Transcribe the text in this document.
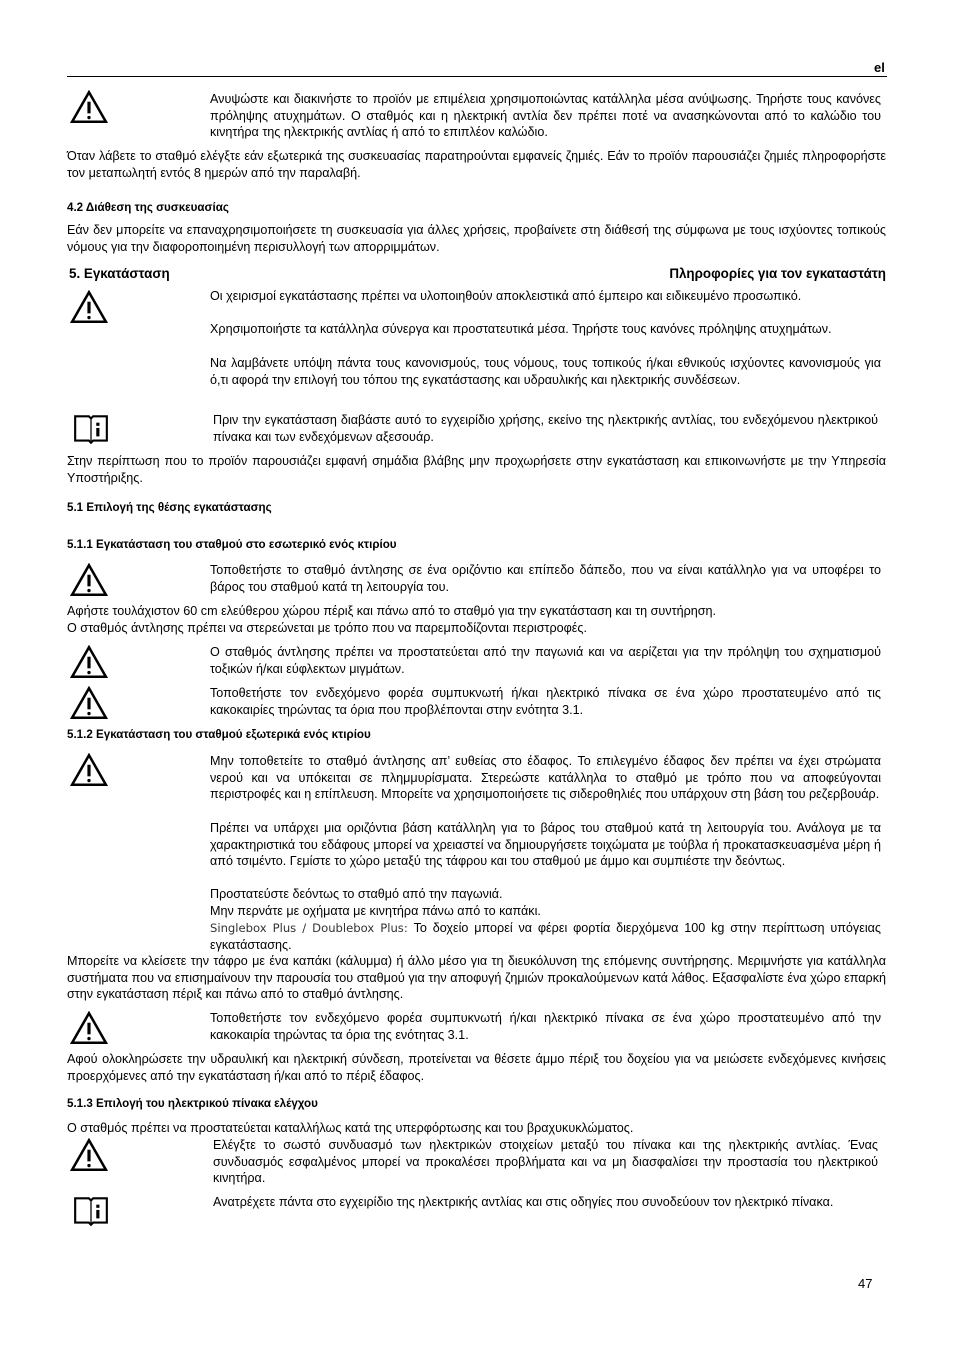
el
Ανυψώστε και διακινήστε το προϊόν με επιμέλεια χρησιμοποιώντας κατάλληλα μέσα ανύψωσης. Τηρήστε τους κανόνες πρόληψης ατυχημάτων. Ο σταθμός και η ηλεκτρική αντλία δεν πρέπει ποτέ να ανασηκώνονται από το καλώδιο του κινητήρα της ηλεκτρικής αντλίας ή από το επιπλέον καλώδιο.
Όταν λάβετε το σταθμό ελέγξτε εάν εξωτερικά της συσκευασίας παρατηρούνται εμφανείς ζημιές. Εάν το προϊόν παρουσιάζει ζημιές πληροφορήστε τον μεταπωλητή εντός 8 ημερών από την παραλαβή.
4.2 Διάθεση της συσκευασίας
Εάν δεν μπορείτε να επαναχρησιμοποιήσετε τη συσκευασία για άλλες χρήσεις, προβαίνετε στη διάθεσή της σύμφωνα με τους ισχύοντες τοπικούς νόμους για την διαφοροποιημένη περισυλλογή των απορριμμάτων.
5. Εγκατάσταση	Πληροφορίες για τον εγκαταστάτη
Οι χειρισμοί εγκατάστασης πρέπει να υλοποιηθούν αποκλειστικά από έμπειρο και ειδικευμένο προσωπικό.
Χρησιμοποιήστε τα κατάλληλα σύνεργα και προστατευτικά μέσα. Τηρήστε τους κανόνες πρόληψης ατυχημάτων.
Να λαμβάνετε υπόψη πάντα τους κανονισμούς, τους νόμους, τους τοπικούς ή/και εθνικούς ισχύοντες κανονισμούς για ό,τι αφορά την επιλογή του τόπου της εγκατάστασης και υδραυλικής και ηλεκτρικής συνδέσεων.
Πριν την εγκατάσταση διαβάστε αυτό το εγχειρίδιο χρήσης, εκείνο της ηλεκτρικής αντλίας, του ενδεχόμενου ηλεκτρικού πίνακα και των ενδεχόμενων αξεσουάρ.
Στην περίπτωση που το προϊόν παρουσιάζει εμφανή σημάδια βλάβης μην προχωρήσετε στην εγκατάσταση και επικοινωνήστε με την Υπηρεσία Υποστήριξης.
5.1 Επιλογή της θέσης εγκατάστασης
5.1.1 Εγκατάσταση του σταθμού στο εσωτερικό ενός κτιρίου
Τοποθετήστε το σταθμό άντλησης σε ένα οριζόντιο και επίπεδο δάπεδο, που να είναι κατάλληλο για να υποφέρει το βάρος του σταθμού κατά τη λειτουργία του.
Αφήστε τουλάχιστον 60 cm ελεύθερου χώρου πέριξ και πάνω από το σταθμό για την εγκατάσταση και τη συντήρηση.
Ο σταθμός άντλησης πρέπει να στερεώνεται με τρόπο που να παρεμποδίζονται περιστροφές.
Ο σταθμός άντλησης πρέπει να προστατεύεται από την παγωνιά και να αερίζεται για την πρόληψη του σχηματισμού τοξικών ή/και εύφλεκτων μιγμάτων.
Τοποθετήστε τον ενδεχόμενο φορέα συμπυκνωτή ή/και ηλεκτρικό πίνακα σε ένα χώρο προστατευμένο από τις κακοκαιρίες τηρώντας τα όρια που προβλέπονται στην ενότητα 3.1.
5.1.2 Εγκατάσταση του σταθμού εξωτερικά ενός κτιρίου
Μην τοποθετείτε το σταθμό άντλησης απ’ ευθείας στο έδαφος. Το επιλεγμένο έδαφος δεν πρέπει να έχει στρώματα νερού και να υπόκειται σε πλημμυρίσματα. Στερεώστε κατάλληλα το σταθμό με τρόπο που να αποφεύγονται περιστροφές και η επίπλευση. Μπορείτε να χρησιμοποιήσετε τις σιδεροθηλιές που υπάρχουν στη βάση του ρεζερβουάρ.
Πρέπει να υπάρχει μια οριζόντια βάση κατάλληλη για το βάρος του σταθμού κατά τη λειτουργία του. Ανάλογα με τα χαρακτηριστικά του εδάφους μπορεί να χρειαστεί να δημιουργήσετε τοιχώματα με τούβλα ή προκατασκευασμένα μέρη ή από τσιμέντο. Γεμίστε το χώρο μεταξύ της τάφρου και του σταθμού με άμμο και συμπιέστε την δεόντως.
Προστατεύστε δεόντως το σταθμό από την παγωνιά.
Μην περνάτε με οχήματα με κινητήρα πάνω από το καπάκι.
Singlebox Plus / Doublebox Plus: Το δοχείο μπορεί να φέρει φορτία διερχόμενα 100 kg στην περίπτωση υπόγειας εγκατάστασης.
Μπορείτε να κλείσετε την τάφρο με ένα καπάκι (κάλυμμα) ή άλλο μέσο για τη διευκόλυνση της επόμενης συντήρησης. Μεριμνήστε για κατάλληλα συστήματα που να επισημαίνουν την παρουσία του σταθμού για την αποφυγή ζημιών προκαλούμενων κατά λάθος. Εξασφαλίστε ένα χώρο επαρκή στην εγκατάσταση πέριξ και πάνω από το σταθμό άντλησης.
Τοποθετήστε τον ενδεχόμενο φορέα συμπυκνωτή ή/και ηλεκτρικό πίνακα σε ένα χώρο προστατευμένο από την κακοκαιρία τηρώντας τα όρια της ενότητας 3.1.
Αφού ολοκληρώσετε την υδραυλική και ηλεκτρική σύνδεση, προτείνεται να θέσετε άμμο πέριξ του δοχείου για να μειώσετε ενδεχόμενες κινήσεις προερχόμενες από την εγκατάσταση ή/και από το πέριξ έδαφος.
5.1.3 Επιλογή του ηλεκτρικού πίνακα ελέγχου
Ο σταθμός πρέπει να προστατεύεται καταλλήλως κατά της υπερφόρτωσης και του βραχυκυκλώματος.
Ελέγξτε το σωστό συνδυασμό των ηλεκτρικών στοιχείων μεταξύ του πίνακα και της ηλεκτρικής αντλίας. Ένας συνδυασμός εσφαλμένος μπορεί να προκαλέσει προβλήματα και να μη διασφαλίσει την προστασία του ηλεκτρικού κινητήρα.
Ανατρέχετε πάντα στο εγχειρίδιο της ηλεκτρικής αντλίας και στις οδηγίες που συνοδεύουν τον ηλεκτρικό πίνακα.
47
